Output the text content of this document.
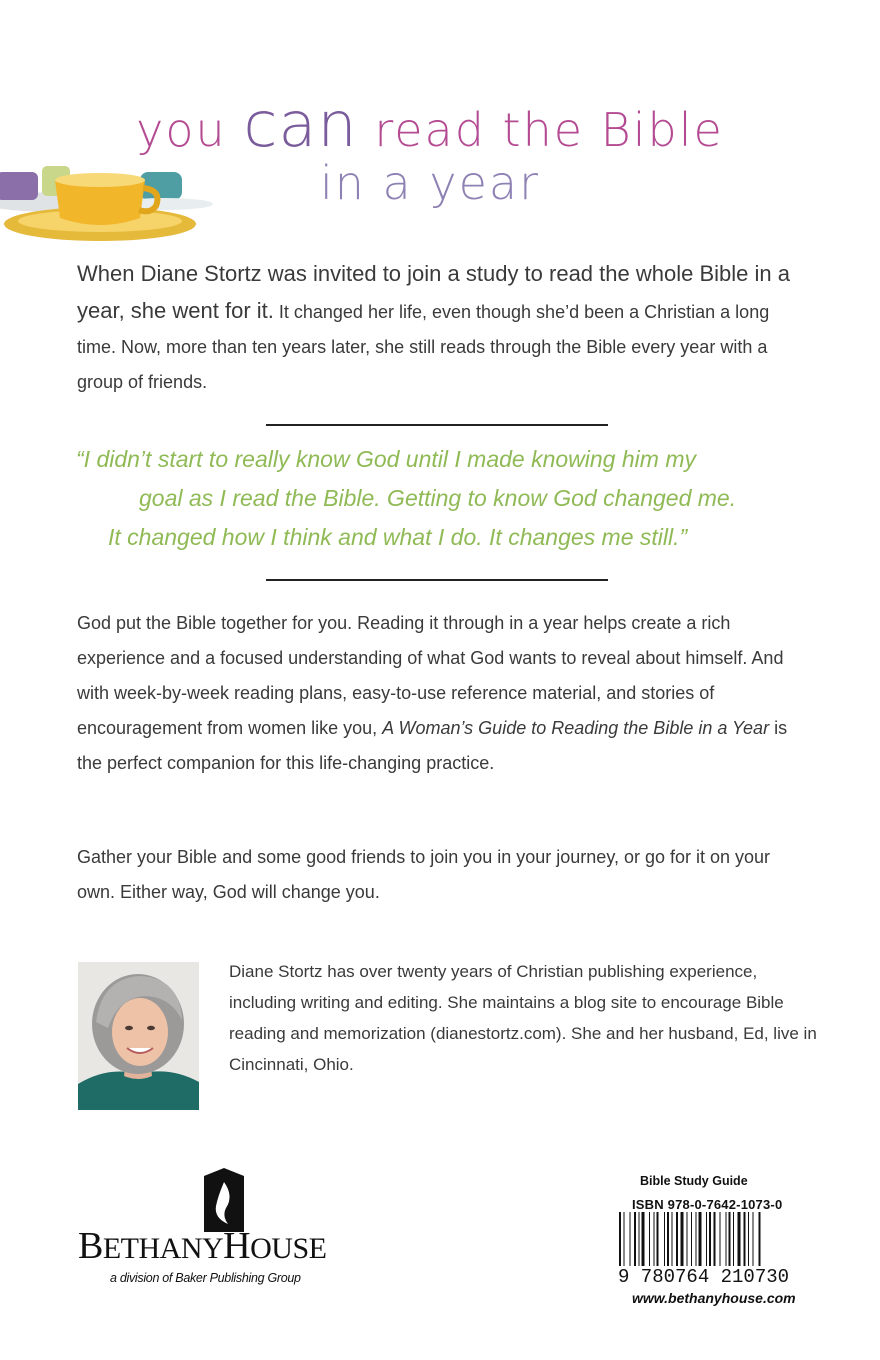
you can read the Bible
in a year
When Diane Stortz was invited to join a study to read the whole Bible in a year, she went for it. It changed her life, even though she’d been a Christian a long time. Now, more than ten years later, she still reads through the Bible every year with a group of friends.
“I didn’t start to really know God until I made knowing him my
goal as I read the Bible. Getting to know God changed me.
It changed how I think and what I do. It changes me still.”
God put the Bible together for you. Reading it through in a year helps create a rich experience and a focused understanding of what God wants to reveal about himself. And with week-by-week reading plans, easy-to-use reference material, and stories of encouragement from women like you, A Woman’s Guide to Reading the Bible in a Year is the perfect companion for this life-changing practice.
Gather your Bible and some good friends to join you in your journey, or go for it on your own. Either way, God will change you.
Diane Stortz has over twenty years of Christian publishing experience, including writing and editing. She maintains a blog site to encourage Bible reading and memorization (dianestortz.com). She and her husband, Ed, live in Cincinnati, Ohio.
BETHANYHOUSE
a division of Baker Publishing Group
Bible Study Guide
ISBN 978-0-7642-1073-0
9 780764 210730
www.bethanyhouse.com
